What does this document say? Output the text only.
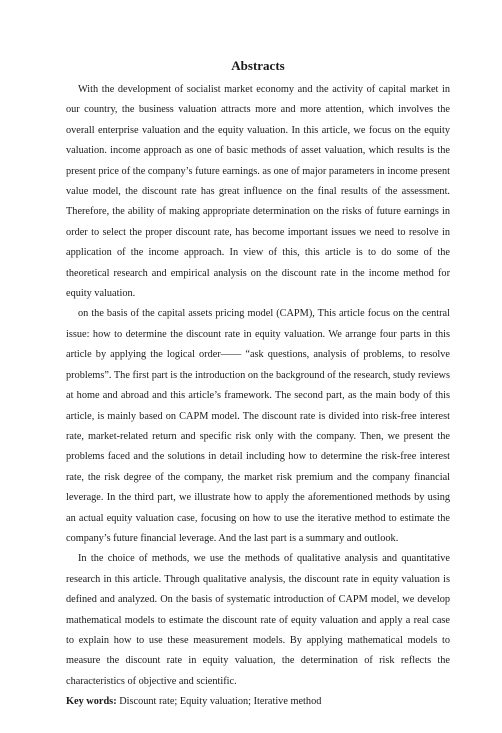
Abstracts

With the development of socialist market economy and the activity of capital market in our country, the business valuation attracts more and more attention, which involves the overall enterprise valuation and the equity valuation. In this article, we focus on the equity valuation. income approach as one of basic methods of asset valuation, which results is the present price of the company’s future earnings. as one of major parameters in income present value model, the discount rate has great influence on the final results of the assessment. Therefore, the ability of making appropriate determination on the risks of future earnings in order to select the proper discount rate, has become important issues we need to resolve in application of the income approach. In view of this, this article is to do some of the theoretical research and empirical analysis on the discount rate in the income method for equity valuation.

on the basis of the capital assets pricing model (CAPM), This article focus on the central issue: how to determine the discount rate in equity valuation. We arrange four parts in this article by applying the logical order—— “ask questions, analysis of problems, to resolve problems”. The first part is the introduction on the background of the research, study reviews at home and abroad and this article’s framework. The second part, as the main body of this article, is mainly based on CAPM model. The discount rate is divided into risk-free interest rate, market-related return and specific risk only with the company. Then, we present the problems faced and the solutions in detail including how to determine the risk-free interest rate, the risk degree of the company, the market risk premium and the company financial leverage. In the third part, we illustrate how to apply the aforementioned methods by using an actual equity valuation case, focusing on how to use the iterative method to estimate the company’s future financial leverage. And the last part is a summary and outlook.

In the choice of methods, we use the methods of qualitative analysis and quantitative research in this article. Through qualitative analysis, the discount rate in equity valuation is defined and analyzed. On the basis of systematic introduction of CAPM model, we develop mathematical models to estimate the discount rate of equity valuation and apply a real case to explain how to use these measurement models. By applying mathematical models to measure the discount rate in equity valuation, the determination of risk reflects the characteristics of objective and scientific.

Key words: Discount rate; Equity valuation; Iterative method
